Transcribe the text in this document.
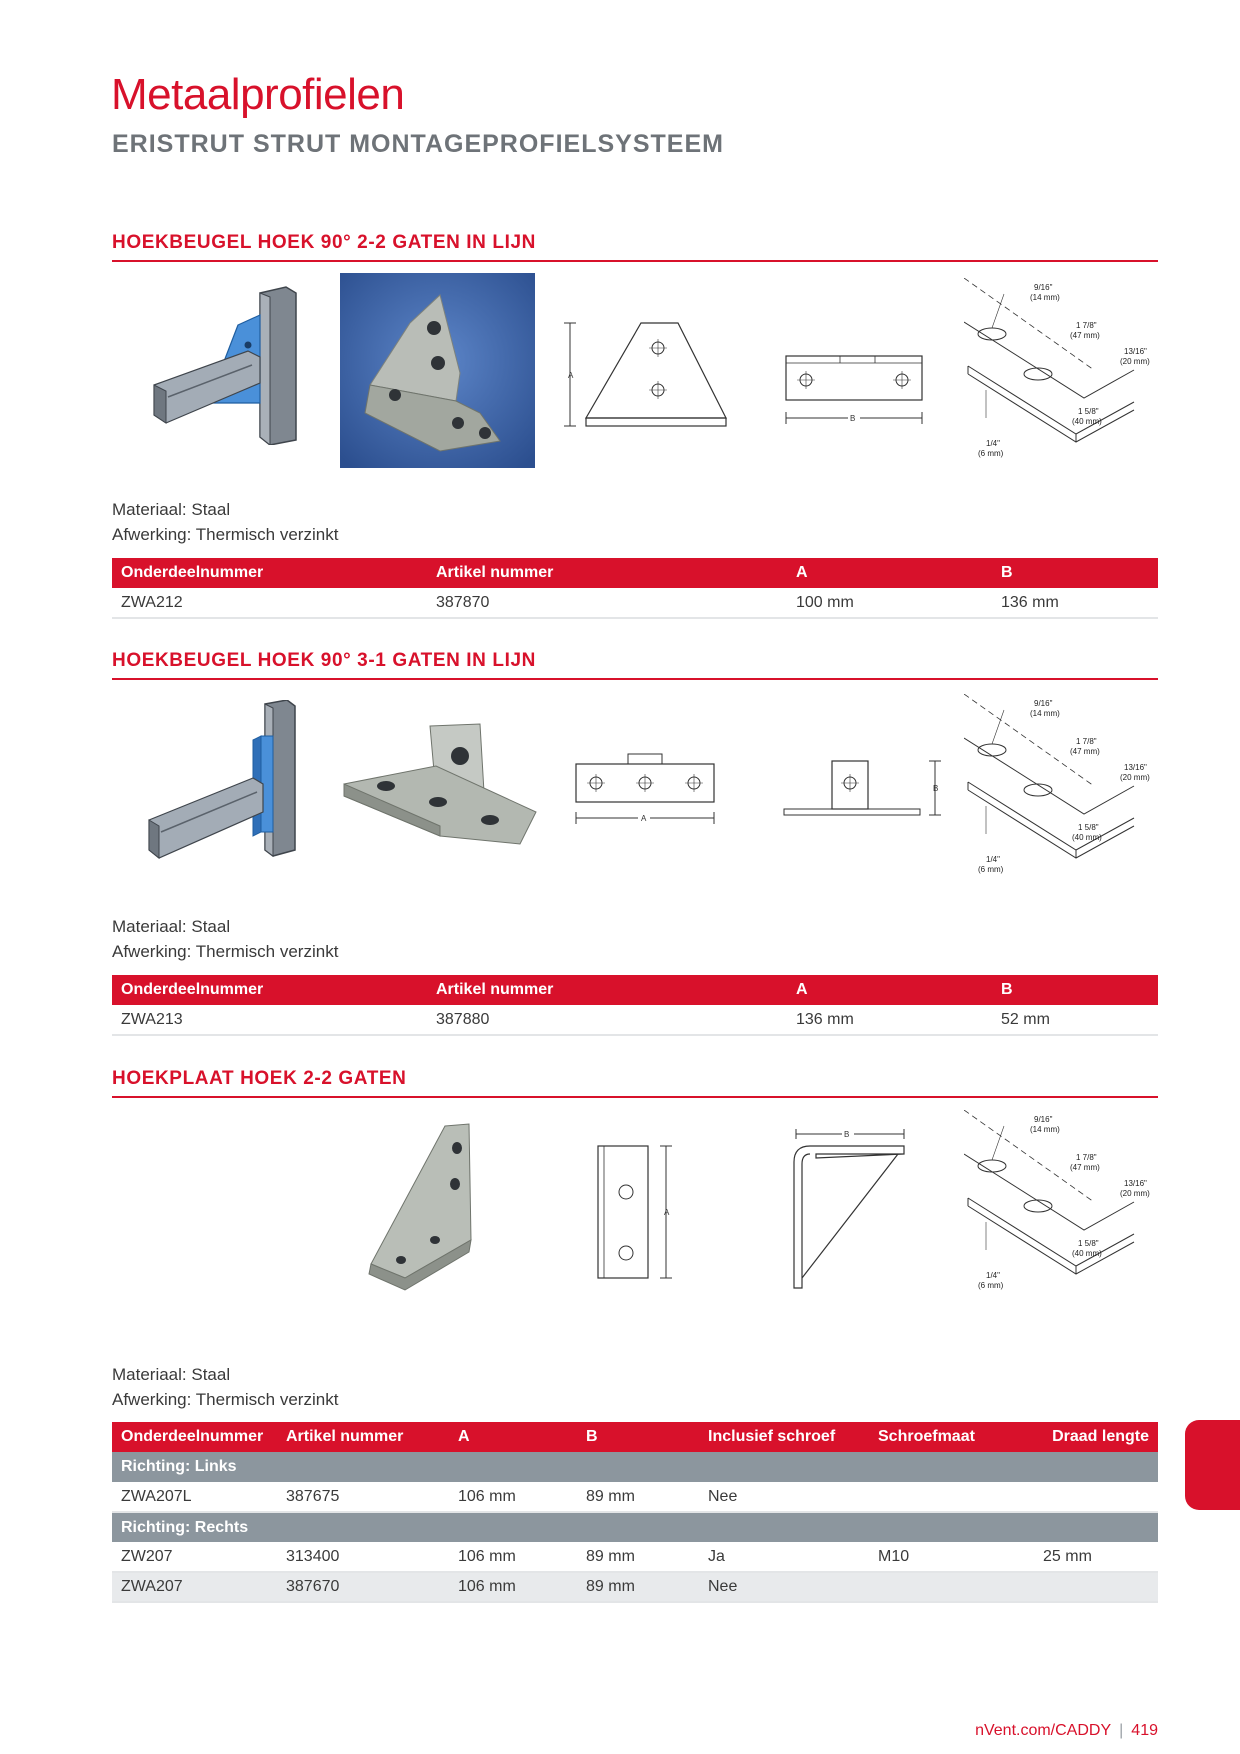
Metaalprofielen
ERISTRUT STRUT MONTAGEPROFIELSYSTEEM
HOEKBEUGEL HOEK 90° 2-2 GATEN IN LIJN
A
B
9/16"
(14 mm)
1 7/8"
(47 mm)
13/16"
(20 mm)
1 5/8"
(40 mm)
1/4"
(6 mm)
Materiaal: Staal
Afwerking: Thermisch verzinkt
Onderdeelnummer	Artikel nummer	A	B
ZWA212	387870	100 mm	136 mm
HOEKBEUGEL HOEK 90° 3-1 GATEN IN LIJN
A
B
9/16"
(14 mm)
1 7/8"
(47 mm)
13/16"
(20 mm)
1 5/8"
(40 mm)
1/4"
(6 mm)
Materiaal: Staal
Afwerking: Thermisch verzinkt
Onderdeelnummer	Artikel nummer	A	B
ZWA213	387880	136 mm	52 mm
HOEKPLAAT HOEK 2-2 GATEN
A
B
9/16"
(14 mm)
1 7/8"
(47 mm)
13/16"
(20 mm)
1 5/8"
(40 mm)
1/4"
(6 mm)
Materiaal: Staal
Afwerking: Thermisch verzinkt
Onderdeelnummer	Artikel nummer	A	B	Inclusief schroef	Schroefmaat	Draad lengte
Richting: Links						
ZWA207L	387675	106 mm	89 mm	Nee		
Richting: Rechts						
ZW207	313400	106 mm	89 mm	Ja	M10	25 mm
ZWA207	387670	106 mm	89 mm	Nee		
nVent.com/CADDY | 419
